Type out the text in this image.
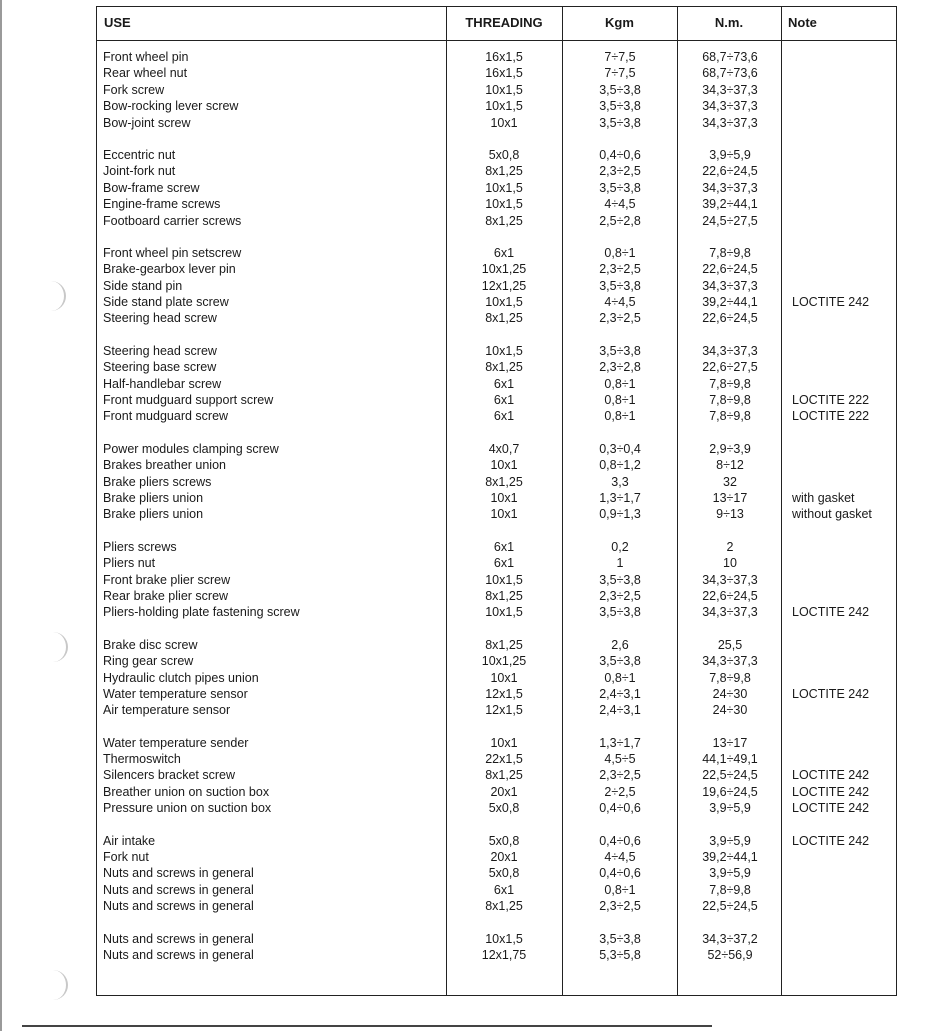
USE	THREADING	Kgm	N.m.	Note
Front wheel pin	16x1,5	7÷7,5	68,7÷73,6
Rear wheel nut	16x1,5	7÷7,5	68,7÷73,6
Fork screw	10x1,5	3,5÷3,8	34,3÷37,3
Bow-rocking lever screw	10x1,5	3,5÷3,8	34,3÷37,3
Bow-joint screw	10x1	3,5÷3,8	34,3÷37,3
Eccentric nut	5x0,8	0,4÷0,6	3,9÷5,9
Joint-fork nut	8x1,25	2,3÷2,5	22,6÷24,5
Bow-frame screw	10x1,5	3,5÷3,8	34,3÷37,3
Engine-frame screws	10x1,5	4÷4,5	39,2÷44,1
Footboard carrier screws	8x1,25	2,5÷2,8	24,5÷27,5
Front wheel pin setscrew	6x1	0,8÷1	7,8÷9,8
Brake-gearbox lever pin	10x1,25	2,3÷2,5	22,6÷24,5
Side stand pin	12x1,25	3,5÷3,8	34,3÷37,3
Side stand plate screw	10x1,5	4÷4,5	39,2÷44,1	LOCTITE 242
Steering head screw	8x1,25	2,3÷2,5	22,6÷24,5
Steering head screw	10x1,5	3,5÷3,8	34,3÷37,3
Steering base screw	8x1,25	2,3÷2,8	22,6÷27,5
Half-handlebar screw	6x1	0,8÷1	7,8÷9,8
Front mudguard support screw	6x1	0,8÷1	7,8÷9,8	LOCTITE 222
Front mudguard screw	6x1	0,8÷1	7,8÷9,8	LOCTITE 222
Power modules clamping screw	4x0,7	0,3÷0,4	2,9÷3,9
Brakes breather union	10x1	0,8÷1,2	8÷12
Brake pliers screws	8x1,25	3,3	32
Brake pliers union	10x1	1,3÷1,7	13÷17	with gasket
Brake pliers union	10x1	0,9÷1,3	9÷13	without gasket
Pliers screws	6x1	0,2	2
Pliers nut	6x1	1	10
Front brake plier screw	10x1,5	3,5÷3,8	34,3÷37,3
Rear brake plier screw	8x1,25	2,3÷2,5	22,6÷24,5
Pliers-holding plate fastening screw	10x1,5	3,5÷3,8	34,3÷37,3	LOCTITE 242
Brake disc screw	8x1,25	2,6	25,5
Ring gear screw	10x1,25	3,5÷3,8	34,3÷37,3
Hydraulic clutch pipes union	10x1	0,8÷1	7,8÷9,8
Water temperature sensor	12x1,5	2,4÷3,1	24÷30	LOCTITE 242
Air temperature sensor	12x1,5	2,4÷3,1	24÷30
Water temperature sender	10x1	1,3÷1,7	13÷17
Thermoswitch	22x1,5	4,5÷5	44,1÷49,1
Silencers bracket screw	8x1,25	2,3÷2,5	22,5÷24,5	LOCTITE 242
Breather union on suction box	20x1	2÷2,5	19,6÷24,5	LOCTITE 242
Pressure union on suction box	5x0,8	0,4÷0,6	3,9÷5,9	LOCTITE 242
Air intake	5x0,8	0,4÷0,6	3,9÷5,9	LOCTITE 242
Fork nut	20x1	4÷4,5	39,2÷44,1
Nuts and screws in general	5x0,8	0,4÷0,6	3,9÷5,9
Nuts and screws in general	6x1	0,8÷1	7,8÷9,8
Nuts and screws in general	8x1,25	2,3÷2,5	22,5÷24,5
Nuts and screws in general	10x1,5	3,5÷3,8	34,3÷37,2
Nuts and screws in general	12x1,75	5,3÷5,8	52÷56,9
